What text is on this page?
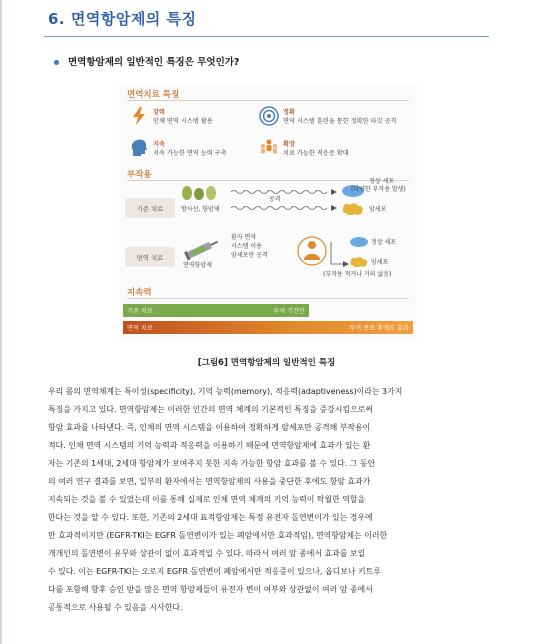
6. 면역항암제의 특징
면역항암제의 일반적인 특징은 무엇인가?
면역치료 특징
강력
인체 면역 시스템 활용
정확
면역 시스템 훈련을 통한 정확한 타깃 공격
지속
지속 가능한 면역 능력 구축
확장
치료 가능한 적응증 확대
부작용
기존 치료	방사선, 항암제
공격
정상 세포
(다양한 부작용 발생)
암세포
면역 치료
면역항암제
환자 면역
시스템 이용
암세포만 공격
정상 세포
암세포
(부작용 적거나 거의 없음)
지속력
기존 치료	투여 기간만
면역 치료	투여 종료 후에도 효과
[그림6] 면역항암제의 일반적인 특징
우리 몸의 면역체계는 특이성(specificity), 기억 능력(memory), 적응력(adaptiveness)이라는 3가지
특징을 가지고 있다. 면역항암제는 이러한 인간의 면역 체계의 기본적인 특징을 증강시킴으로써
항암 효과를 나타낸다. 즉, 인체의 면역 시스템을 이용하여 정확하게 암세포만 공격해 부작용이
적다. 인체 면역 시스템의 기억 능력과 적응력을 이용하기 때문에 면역항암제에 효과가 있는 환
자는 기존의 1세대, 2세대 항암제가 보여주지 못한 지속 가능한 항암 효과를 볼 수 있다. 그 동안
의 여러 연구 결과를 보면, 일부의 환자에서는 면역항암제의 사용을 중단한 후에도 항암 효과가
지속되는 것을 볼 수 있었는데 이를 통해 실제로 인체 면역 체계의 기억 능력이 탁월한 역할을
한다는 것을 알 수 있다. 또한, 기존의 2세대 표적항암제는 특정 유전자 돌연변이가 있는 경우에
만 효과적이지만 (EGFR-TKI는 EGFR 돌연변이가 있는 폐암에서만 효과적임), 면역항암제는 이러한
개개인의 돌연변이 유무와 상관이 없이 효과적일 수 있다. 따라서 여러 암 종에서 효과를 보일
수 있다. 이는 EGFR-TKI는 오로지 EGFR 돌연변이 폐암에서만 적응증이 있으나, 옵디보나 키트루
다를 포함해 향후 승인 받을 많은 면역 항암제들이 유전자 변이 여부와 상관없이 여러 암 종에서
공통적으로 사용될 수 있음을 시사한다.
